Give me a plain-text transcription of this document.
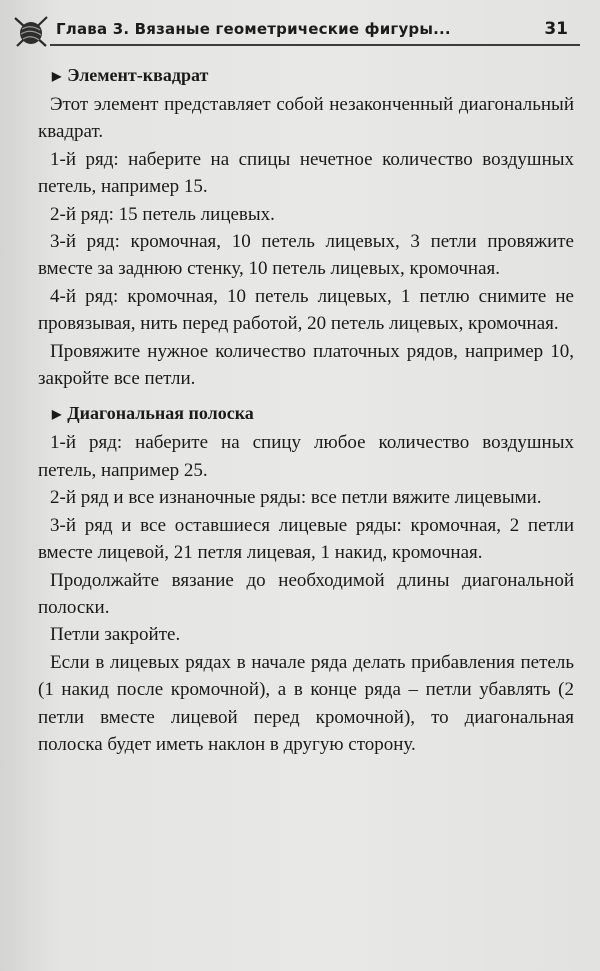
Глава 3. Вязаные геометрические фигуры...	31
▶ Элемент-квадрат

Этот элемент представляет собой незаконченный диагональный квадрат.

1-й ряд: наберите на спицы нечетное количество воздушных петель, например 15.

2-й ряд: 15 петель лицевых.

3-й ряд: кромочная, 10 петель лицевых, 3 петли провяжите вместе за заднюю стенку, 10 петель лицевых, кромочная.

4-й ряд: кромочная, 10 петель лицевых, 1 петлю снимите не провязывая, нить перед работой, 20 петель лицевых, кромочная.

Провяжите нужное количество платочных рядов, например 10, закройте все петли.

▶ Диагональная полоска

1-й ряд: наберите на спицу любое количество воздушных петель, например 25.

2-й ряд и все изнаночные ряды: все петли вяжите лицевыми.

3-й ряд и все оставшиеся лицевые ряды: кромочная, 2 петли вместе лицевой, 21 петля лицевая, 1 накид, кромочная.

Продолжайте вязание до необходимой длины диагональной полоски.

Петли закройте.

Если в лицевых рядах в начале ряда делать прибавления петель (1 накид после кромочной), а в конце ряда – петли убавлять (2 петли вместе лицевой перед кромочной), то диагональная полоска будет иметь наклон в другую сторону.
